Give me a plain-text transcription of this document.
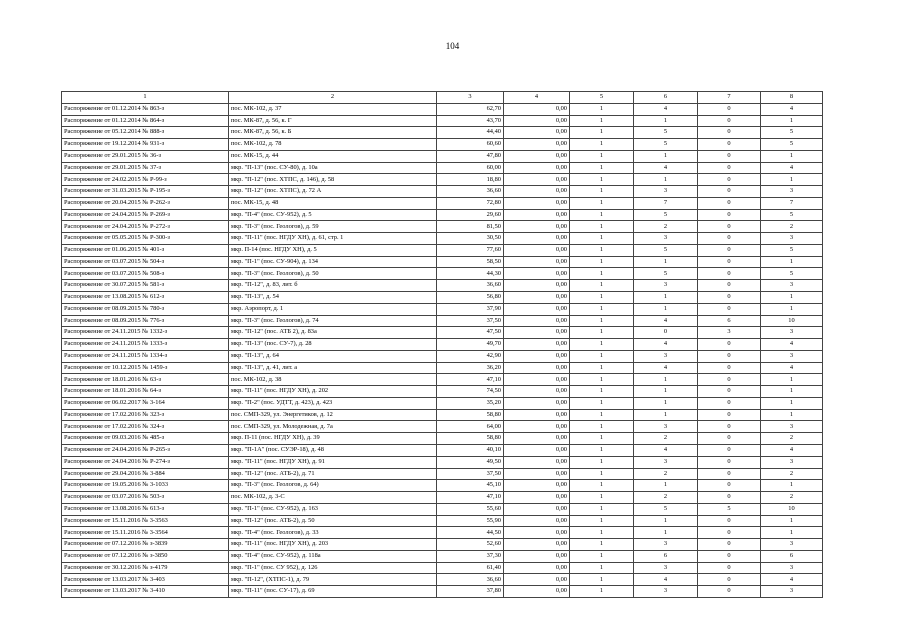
104
1	2	3	4	5	6	7	8
Распоряжение от 01.12.2014 № 863-з	пос. МК-102, д. 37	62,70	0,00	1	4	0	4
Распоряжение от 01.12.2014 № 864-з	пос. МК-87, д. 56, к. Г	43,70	0,00	1	1	0	1
Распоряжение от 05.12.2014 № 888-з	пос. МК-87, д. 56, к. Б	44,40	0,00	1	5	0	5
Распоряжение от 19.12.2014 № 931-з	пос. МК-102, д. 78	60,60	0,00	1	5	0	5
Распоряжение от 29.01.2015 № 36-з	пос. МК-15, д. 44	47,80	0,00	1	1	0	1
Распоряжение от 29.01.2015 № 37-з	мкр. "П-13" (пос. СУ-80), д. 10а	60,00	0,00	1	4	0	4
Распоряжение от 24.02.2015 № Р-99-з	мкр. "П-12" (пос. ХТПС, д. 146), д. 58	18,80	0,00	1	1	0	1
Распоряжение от 31.03.2015 № Р-195-з	мкр. "П-12" (пос. ХТПС), д. 72 А	36,60	0,00	1	3	0	3
Распоряжение от 20.04.2015 № Р-262-з	пос. МК-15, д. 48	72,80	0,00	1	7	0	7
Распоряжение от 24.04.2015 № Р-269-з	мкр. "П-4" (пос. СУ-952), д. 5	29,60	0,00	1	5	0	5
Распоряжение от 24.04.2015 № Р-272-з	мкр. "П-3" (пос. Геологов), д. 59	81,50	0,00	1	2	0	2
Распоряжение от 05.05.2015 № Р-300-з	мкр. "П-11" (пос. НГДУ ХН), д. 61, стр. 1	30,50	0,00	1	3	0	3
Распоряжение от 01.06.2015 № 401-з	мкр. П-14 (пос. НГДУ ХН), д. 5	77,60	0,00	1	5	0	5
Распоряжение от 03.07.2015 № 504-з	мкр. "П-1" (пос. СУ-904), д. 134	58,50	0,00	1	1	0	1
Распоряжение от 03.07.2015 № 508-з	мкр. "П-3" (пос. Геологов), д. 50	44,30	0,00	1	5	0	5
Распоряжение от 30.07.2015 № 581-з	мкр. "П-12", д. 83, лит. б	36,60	0,00	1	3	0	3
Распоряжение от 13.08.2015 № 612-з	мкр. "П-13", д. 54	56,80	0,00	1	1	0	1
Распоряжение от 08.09.2015 № 780-з	мкр. Аэропорт, д. 1	37,90	0,00	1	1	0	1
Распоряжение от 08.09.2015 № 776-з	мкр. "П-3" (пос. Геологов), д. 74	37,50	0,00	1	4	6	10
Распоряжение от 24.11.2015 № 1332-з	мкр. "П-12" (пос. АТБ 2), д. 83а	47,50	0,00	1	0	3	3
Распоряжение от 24.11.2015 № 1333-з	мкр. "П-13" (пос. СУ-7), д. 28	49,70	0,00	1	4	0	4
Распоряжение от 24.11.2015 № 1334-з	мкр. "П-13", д. 64	42,90	0,00	1	3	0	3
Распоряжение от 10.12.2015 № 1459-з	мкр. "П-13", д. 41, лит. а	36,20	0,00	1	4	0	4
Распоряжение от 18.01.2016 № 63-з	пос. МК-102, д. 38	47,10	0,00	1	1	0	1
Распоряжение от 18.01.2016 № 64-з	мкр. "П-11" (пос. НГДУ ХН), д. 202	74,50	0,00	1	1	0	1
Распоряжение от 06.02.2017 № 3-164	мкр. "П-2" (пос. УДТТ, д. 423), д. 423	35,20	0,00	1	1	0	1
Распоряжение от 17.02.2016 № 323-з	пос. СМП-329, ул. Энергетиков, д. 12	58,80	0,00	1	1	0	1
Распоряжение от 17.02.2016 № 324-з	пос. СМП-329, ул. Молодежная, д. 7а	64,00	0,00	1	3	0	3
Распоряжение от 09.03.2016 № 485-з	мкр. П-11 (пос. НГДУ ХН), д. 39	58,80	0,00	1	2	0	2
Распоряжение от 24.04.2016 № Р-265-з	мкр. "П-1А" (пос. СУЭР-18), д. 48	40,10	0,00	1	4	0	4
Распоряжение от 24.04.2016 № Р-274-з	мкр. "П-11" (пос. НГДУ ХН), д. 91	49,50	0,00	1	3	0	3
Распоряжение от 29.04.2016 № 3-884	мкр. "П-12" (пос. АТБ-2), д. 71	37,50	0,00	1	2	0	2
Распоряжение от 19.05.2016 № 3-1033	мкр. "П-3" (пос. Геологов, д. 64)	45,10	0,00	1	1	0	1
Распоряжение от 03.07.2016 № 503-з	пос. МК-102, д. 3-С	47,10	0,00	1	2	0	2
Распоряжение от 13.08.2016 № 613-з	мкр. "П-1" (пос. СУ-952), д. 163	55,60	0,00	1	5	5	10
Распоряжение от 15.11.2016 № 3-3563	мкр. "П-12" (пос. АТБ-2), д. 50	55,90	0,00	1	1	0	1
Распоряжение от 15.11.2016 № 3-3564	мкр. "П-4" (пос. Геологов), д. 33	44,50	0,00	1	1	0	1
Распоряжение от 07.12.2016 № з-3839	мкр. "П-11" (пос. НГДУ ХН), д. 203	52,60	0,00	1	3	0	3
Распоряжение от 07.12.2016 № з-3850	мкр. "П-4" (пос. СУ-952), д. 118а	37,30	0,00	1	6	0	6
Распоряжение от 30.12.2016 № з-4179	мкр. "П-1" (пос. СУ 952), д. 126	61,40	0,00	1	3	0	3
Распоряжение от 13.03.2017 № 3-403	мкр. "П-12", (ХТПС-1), д. 79	36,60	0,00	1	4	0	4
Распоряжение от 13.03.2017 № 3-410	мкр. "П-11" (пос. СУ-17), д. 69	37,80	0,00	1	3	0	3
